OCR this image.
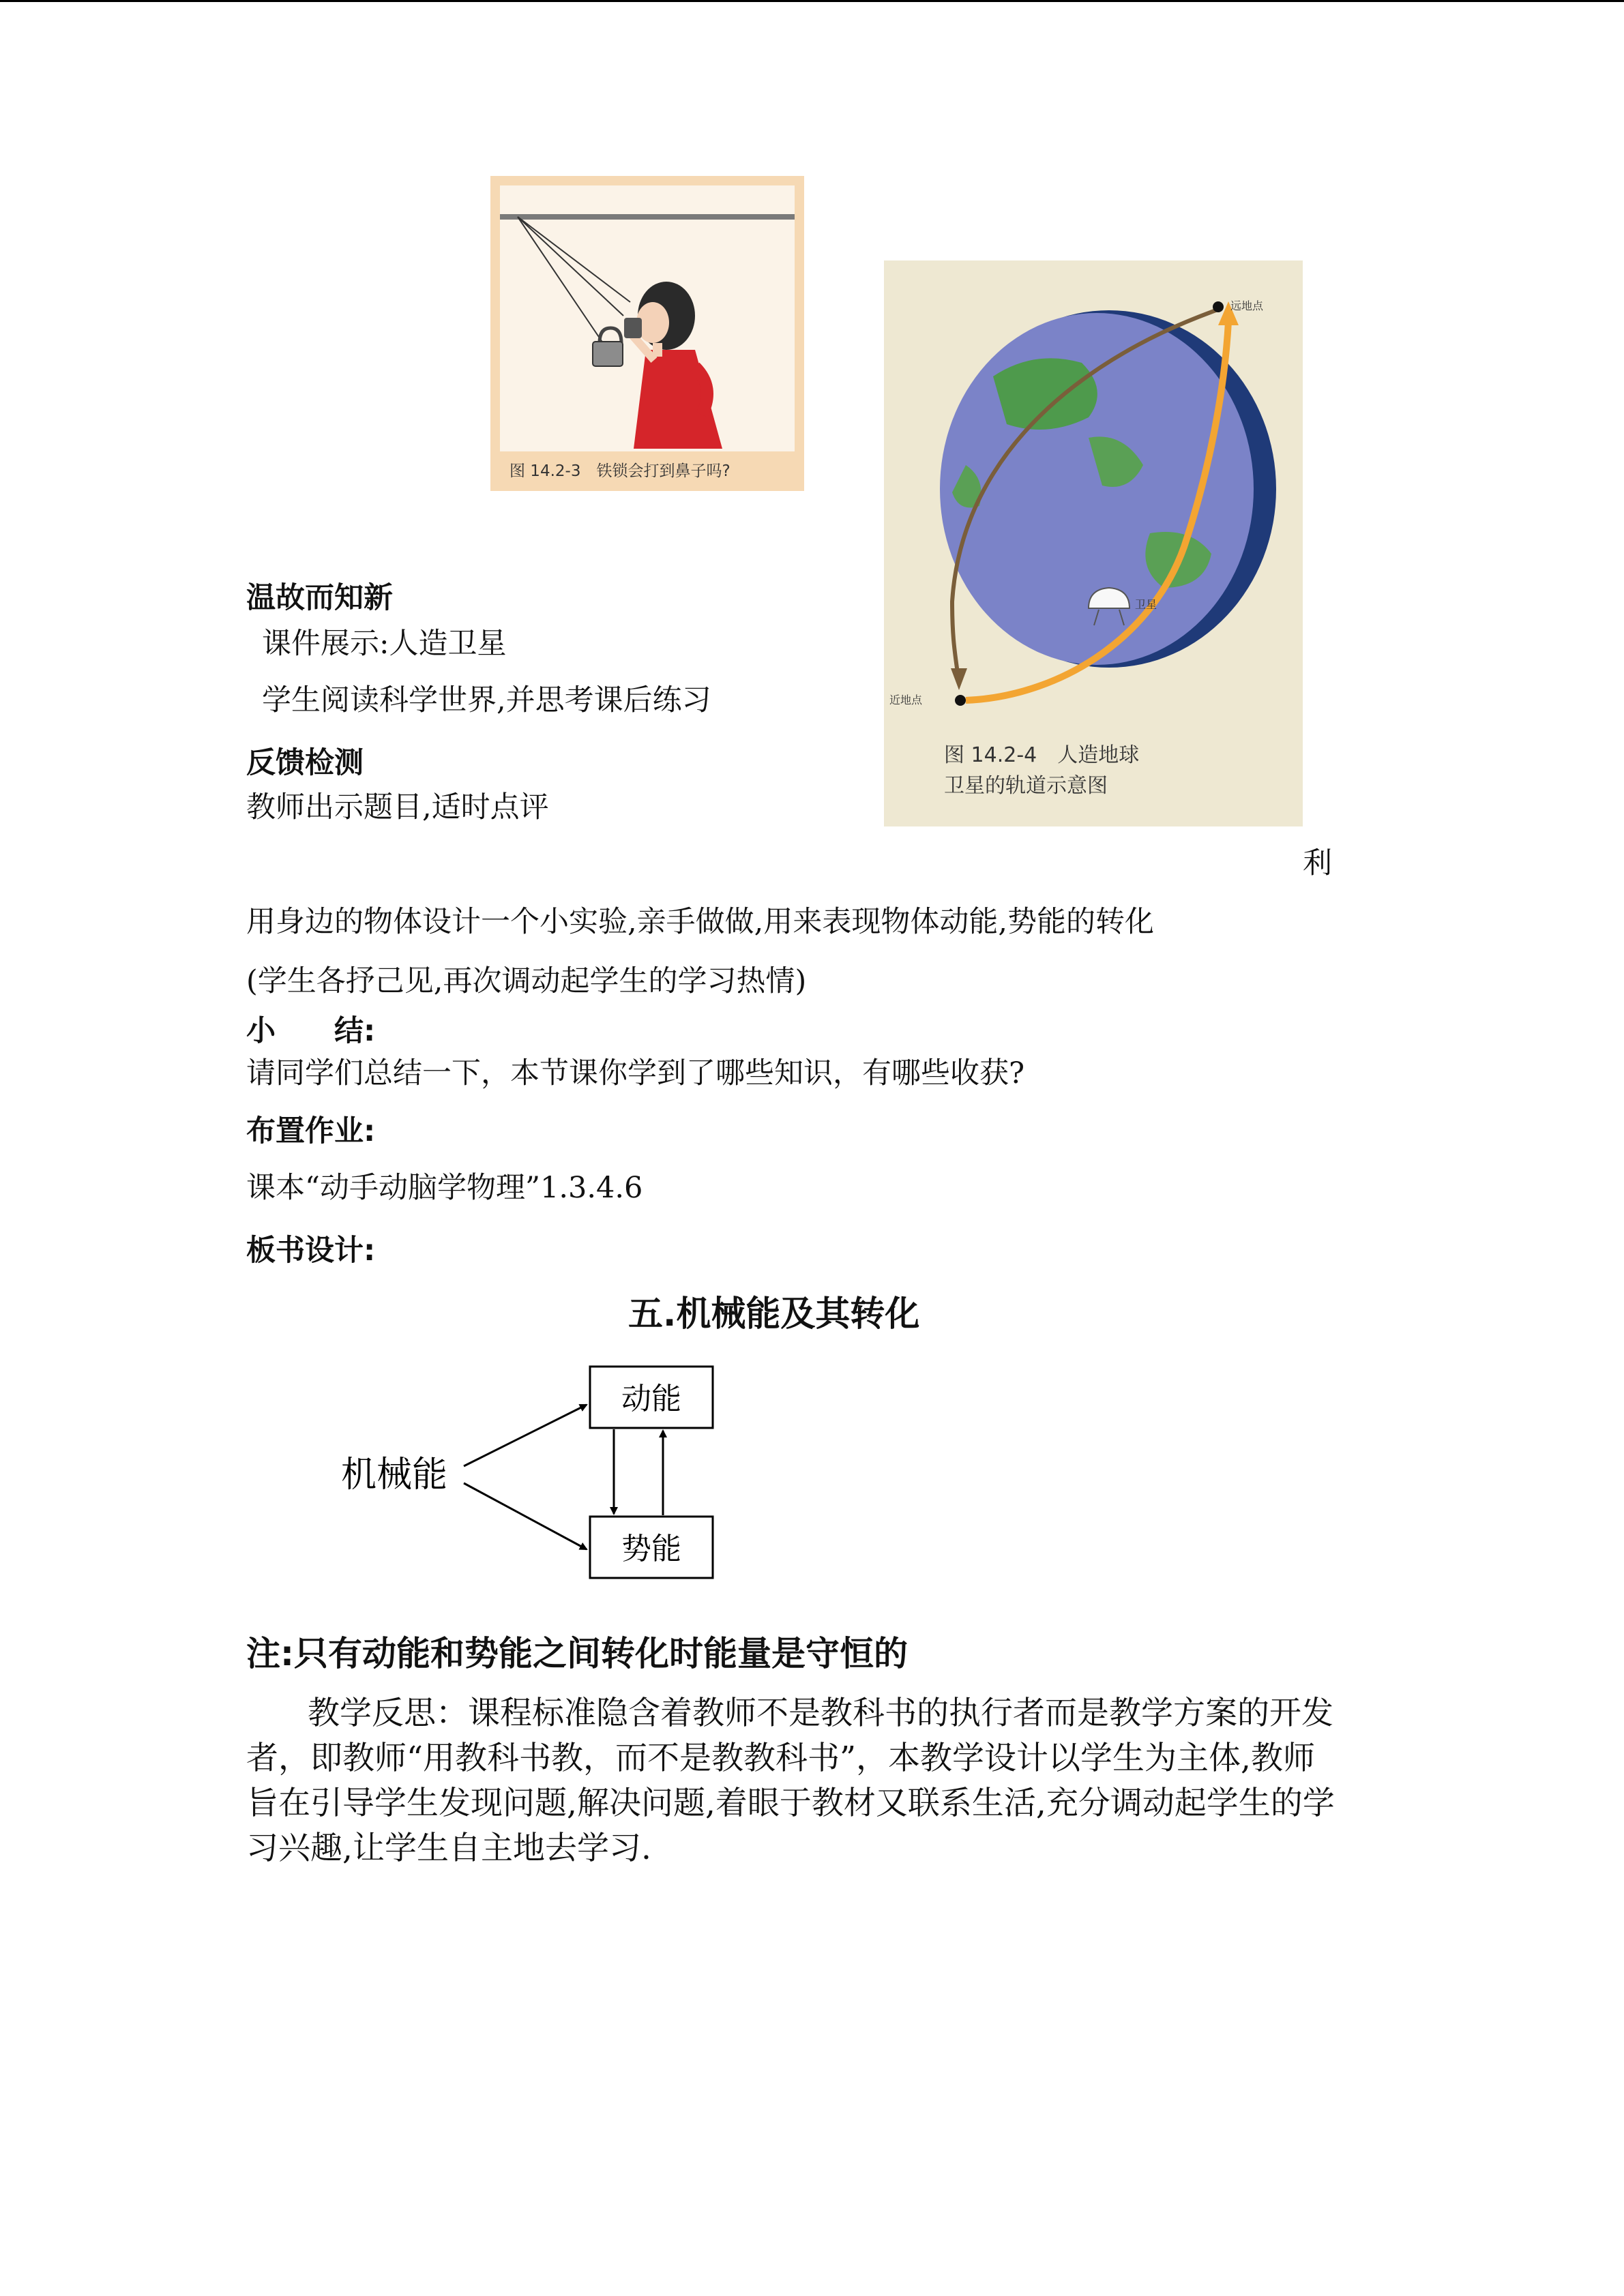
图 14.2-3　铁锁会打到鼻子吗?
远地点
近地点
卫星
图 14.2-4　人造地球
卫星的轨道示意图
温故而知新
课件展示:人造卫星
学生阅读科学世界,并思考课后练习
反馈检测
教师出示题目,适时点评
利
用身边的物体设计一个小实验,亲手做做,用来表现物体动能,势能的转化
(学生各抒己见,再次调动起学生的学习热情)
小　　结:
请同学们总结一下，本节课你学到了哪些知识，有哪些收获?
布置作业:
课本“动手动脑学物理”1.3.4.6
板书设计:
五.机械能及其转化
动能
势能
机械能
注:只有动能和势能之间转化时能量是守恒的
教学反思：课程标准隐含着教师不是教科书的执行者而是教学方案的开发
者，即教师“用教科书教，而不是教教科书”，本教学设计以学生为主体,教师
旨在引导学生发现问题,解决问题,着眼于教材又联系生活,充分调动起学生的学
习兴趣,让学生自主地去学习.
